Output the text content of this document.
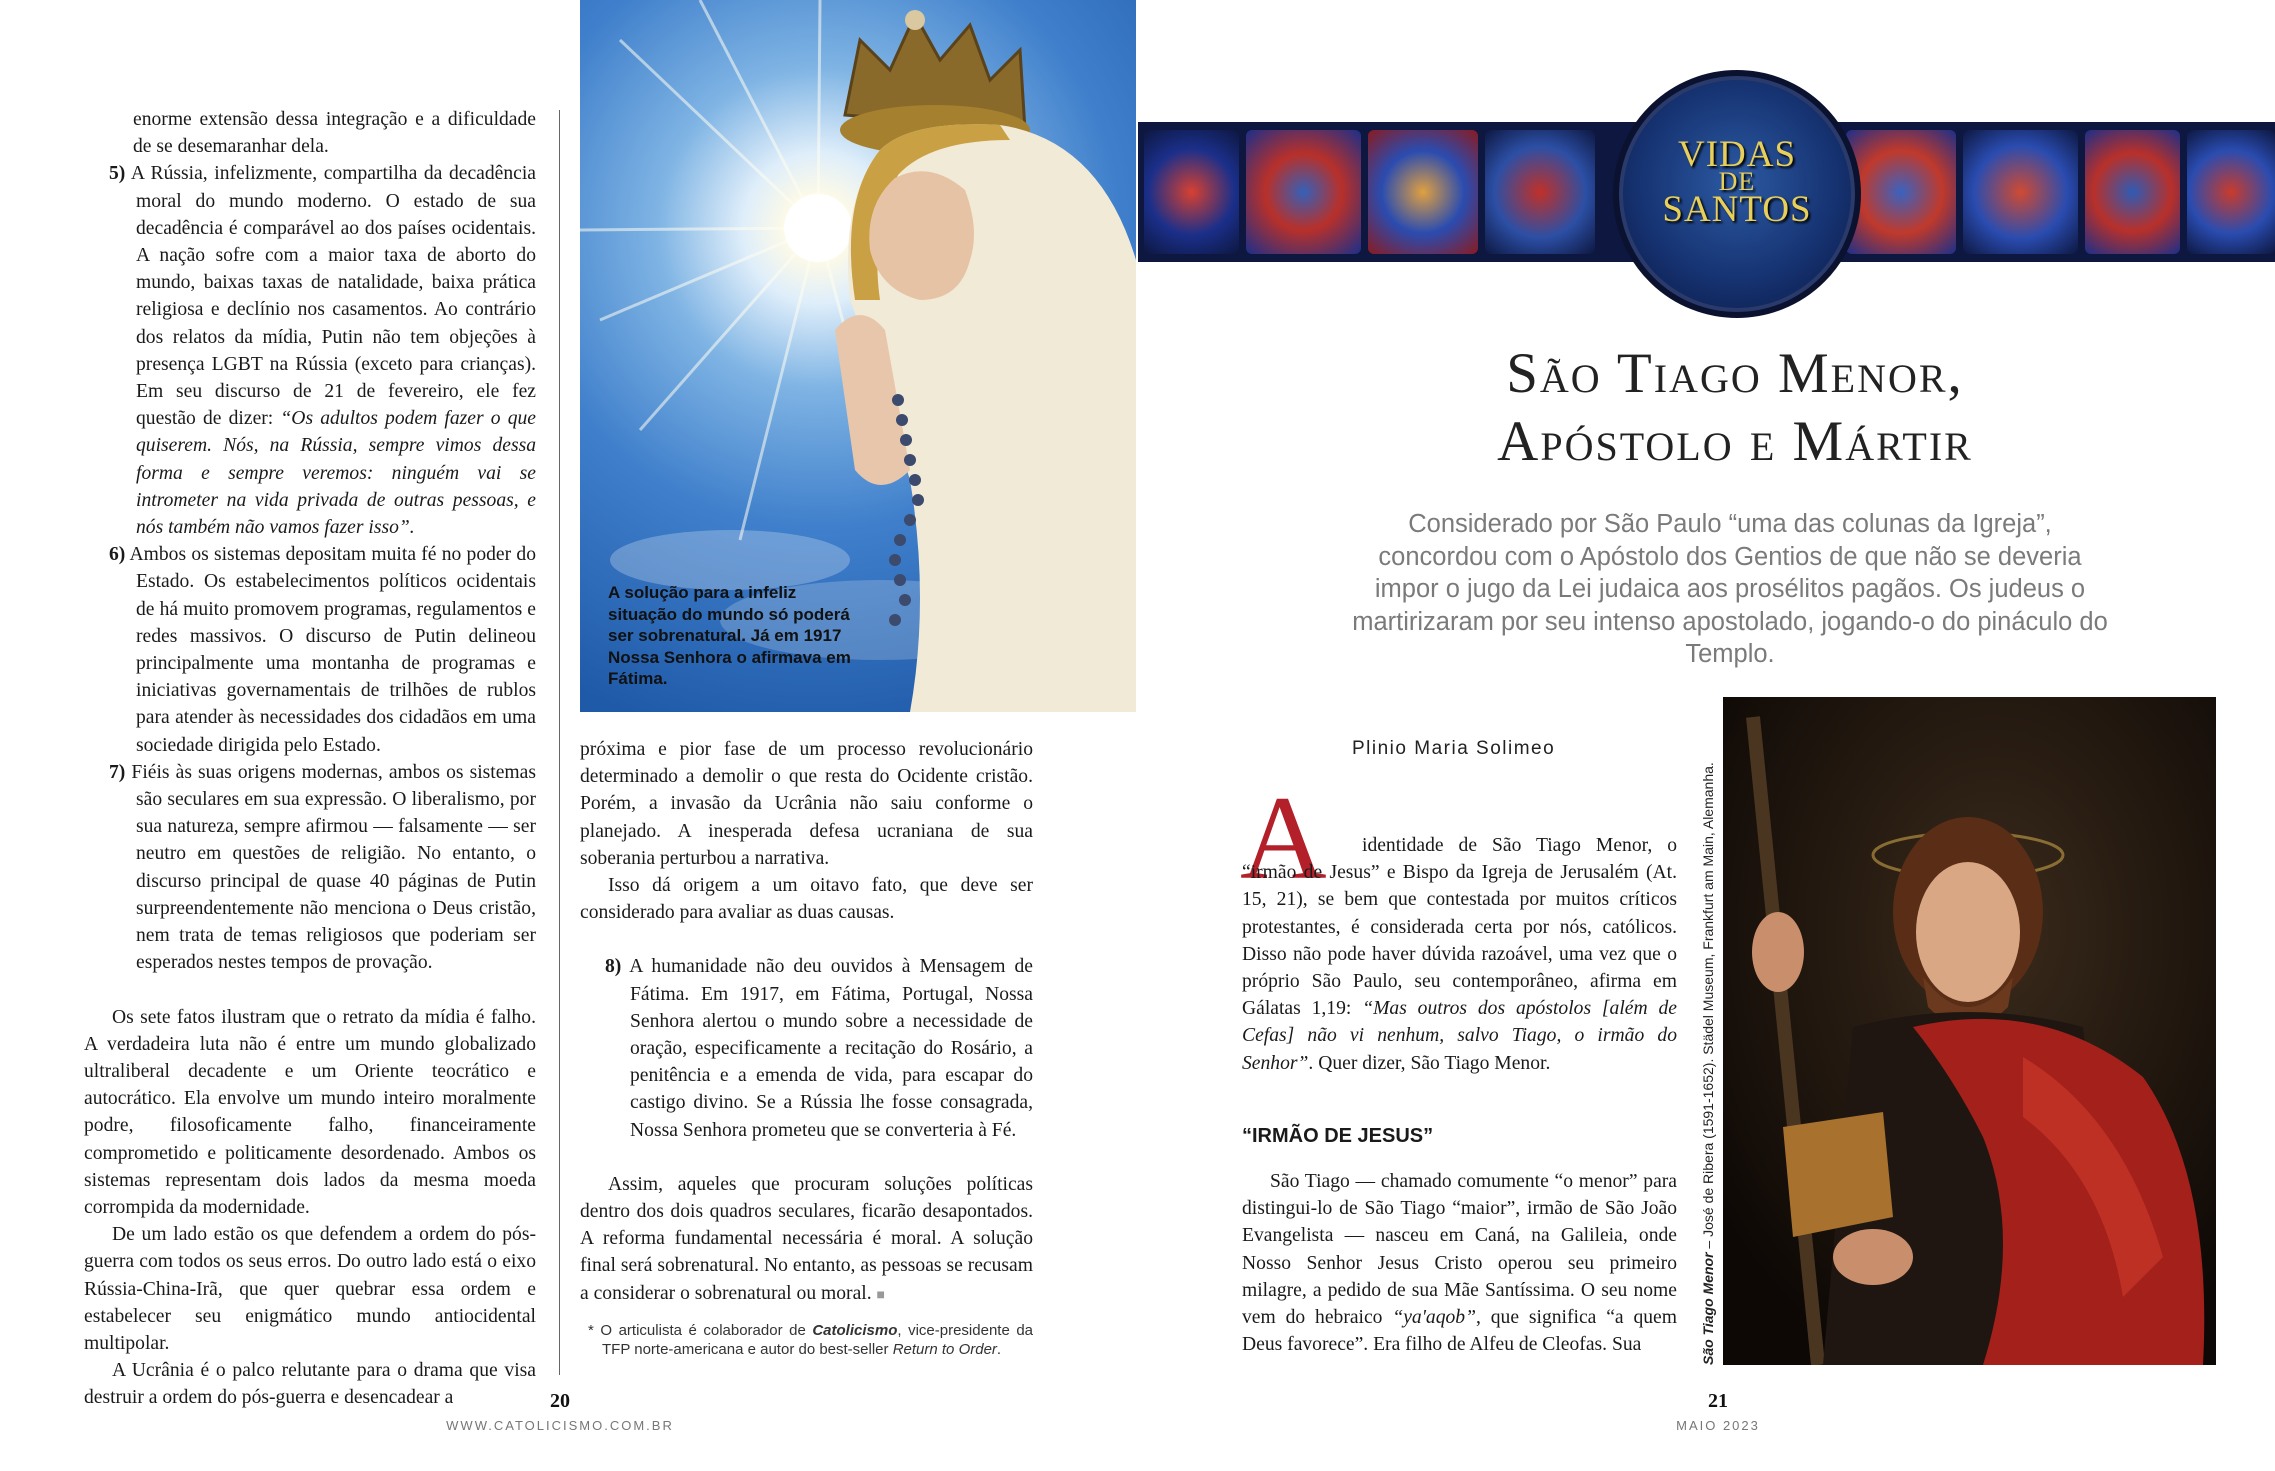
enorme extensão dessa integração e a dificuldade de se desemaranhar dela.

5) A Rússia, infelizmente, compartilha da decadência moral do mundo moderno. O estado de sua decadência é comparável ao dos países ocidentais. A nação sofre com a maior taxa de aborto do mundo, baixas taxas de natalidade, baixa prática religiosa e declínio nos casamentos. Ao contrário dos relatos da mídia, Putin não tem objeções à presença LGBT na Rússia (exceto para crianças). Em seu discurso de 21 de fevereiro, ele fez questão de dizer: “Os adultos podem fazer o que quiserem. Nós, na Rússia, sempre vimos dessa forma e sempre veremos: ninguém vai se intrometer na vida privada de outras pessoas, e nós também não vamos fazer isso”.

6) Ambos os sistemas depositam muita fé no poder do Estado. Os estabelecimentos políticos ocidentais de há muito promovem programas, regulamentos e redes massivos. O discurso de Putin delineou principalmente uma montanha de programas e iniciativas governamentais de trilhões de rublos para atender às necessidades dos cidadãos em uma sociedade dirigida pelo Estado.

7) Fiéis às suas origens modernas, ambos os sistemas são seculares em sua expressão. O liberalismo, por sua natureza, sempre afirmou — falsamente — ser neutro em questões de religião. No entanto, o discurso principal de quase 40 páginas de Putin surpreendentemente não menciona o Deus cristão, nem trata de temas religiosos que poderiam ser esperados nestes tempos de provação.

Os sete fatos ilustram que o retrato da mídia é falho. A verdadeira luta não é entre um mundo globalizado ultraliberal decadente e um Oriente teocrático e autocrático. Ela envolve um mundo inteiro moralmente podre, filosoficamente falho, financeiramente comprometido e politicamente desordenado. Ambos os sistemas representam dois lados da mesma moeda corrompida da modernidade.

De um lado estão os que defendem a ordem do pós-guerra com todos os seus erros. Do outro lado está o eixo Rússia-China-Irã, que quer quebrar essa ordem e estabelecer seu enigmático mundo antiocidental multipolar.

A Ucrânia é o palco relutante para o drama que visa destruir a ordem do pós-guerra e desencadear a

A solução para a infeliz situação do mundo só poderá ser sobrenatural. Já em 1917 Nossa Senhora o afirmava em Fátima.

próxima e pior fase de um processo revolucionário determinado a demolir o que resta do Ocidente cristão. Porém, a invasão da Ucrânia não saiu conforme o planejado. A inesperada defesa ucraniana de sua soberania perturbou a narrativa.

Isso dá origem a um oitavo fato, que deve ser considerado para avaliar as duas causas.

8) A humanidade não deu ouvidos à Mensagem de Fátima. Em 1917, em Fátima, Portugal, Nossa Senhora alertou o mundo sobre a necessidade de oração, especificamente a recitação do Rosário, a penitência e a emenda de vida, para escapar do castigo divino. Se a Rússia lhe fosse consagrada, Nossa Senhora prometeu que se converteria à Fé.

Assim, aqueles que procuram soluções políticas dentro dos dois quadros seculares, ficarão desapontados. A reforma fundamental necessária é moral. A solução final será sobrenatural. No entanto, as pessoas se recusam a considerar o sobrenatural ou moral. ■

* O articulista é colaborador de Catolicismo, vice-presidente da TFP norte-americana e autor do best-seller Return to Order.

20
WWW.CATOLICISMO.COM.BR
VIDAS
DE
SANTOS
São Tiago Menor,
Apóstolo e Mártir
Considerado por São Paulo “uma das colunas da Igreja”, concordou com o Apóstolo dos Gentios de que não se deveria impor o jugo da Lei judaica aos prosélitos pagãos. Os judeus o martirizaram por seu intenso apostolado, jogando-o do pináculo do Templo.
Plinio Maria Solimeo
A	identidade de São Tiago Menor, o “irmão de Jesus” e Bispo da Igreja de Jerusalém (At. 15, 21), se bem que contestada por muitos críticos protestantes, é considerada certa por nós, católicos. Disso não pode haver dúvida razoável, uma vez que o próprio São Paulo, seu contemporâneo, afirma em Gálatas 1,19: “Mas outros dos apóstolos [além de Cefas] não vi nenhum, salvo Tiago, o irmão do Senhor”. Quer dizer, São Tiago Menor.

“IRMÃO DE JESUS”

São Tiago — chamado comumente “o menor” para distingui-lo de São Tiago “maior”, irmão de São João Evangelista — nasceu em Caná, na Galileia, onde Nosso Senhor Jesus Cristo operou seu primeiro milagre, a pedido de sua Mãe Santíssima. O seu nome vem do hebraico “ya'aqob”, que significa “a quem Deus favorece”. Era filho de Alfeu de Cleofas. Sua	São Tiago Menor – José de Ribera (1591-1652). Städel Museum, Frankfurt am Main, Alemanha.
21
MAIO 2023
